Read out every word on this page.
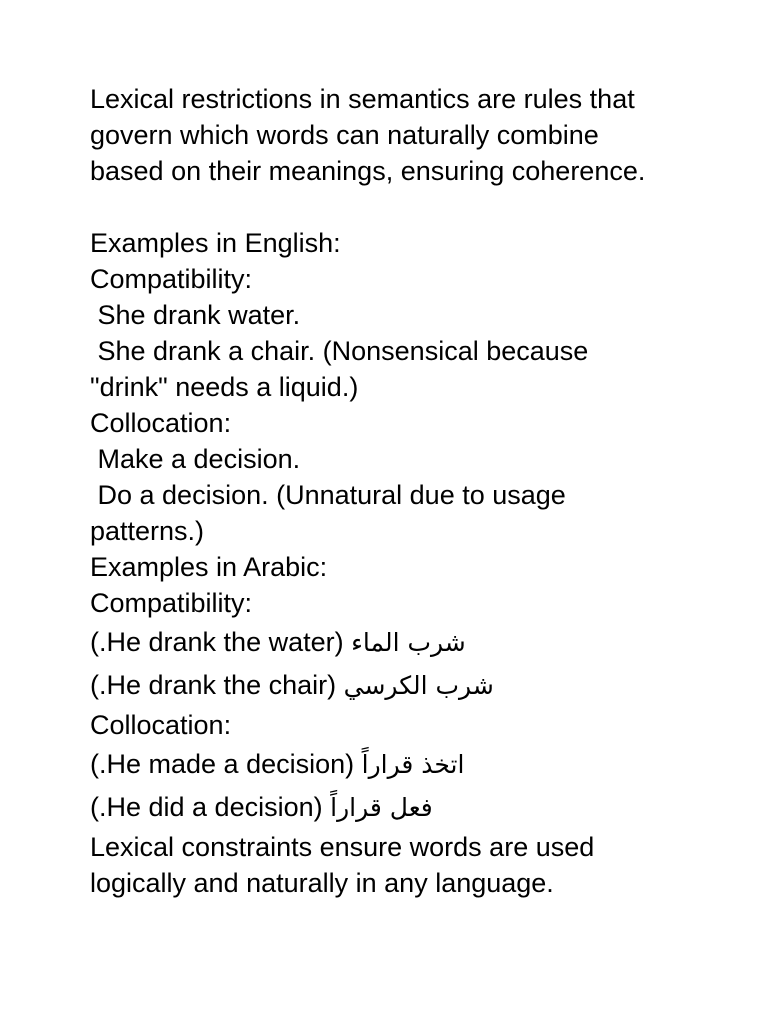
Lexical restrictions in semantics are rules that
govern which words can naturally combine
based on their meanings, ensuring coherence.
Examples in English:
Compatibility:
She drank water.
She drank a chair. (Nonsensical because
"drink" needs a liquid.)
Collocation:
Make a decision.
Do a decision. (Unnatural due to usage
patterns.)
Examples in Arabic:
Compatibility:
(.He drank the water) شرب الماء
(.He drank the chair) شرب الكرسي
Collocation:
(.He made a decision) اتخذ قراراً
(.He did a decision) فعل قراراً
Lexical constraints ensure words are used
logically and naturally in any language.
